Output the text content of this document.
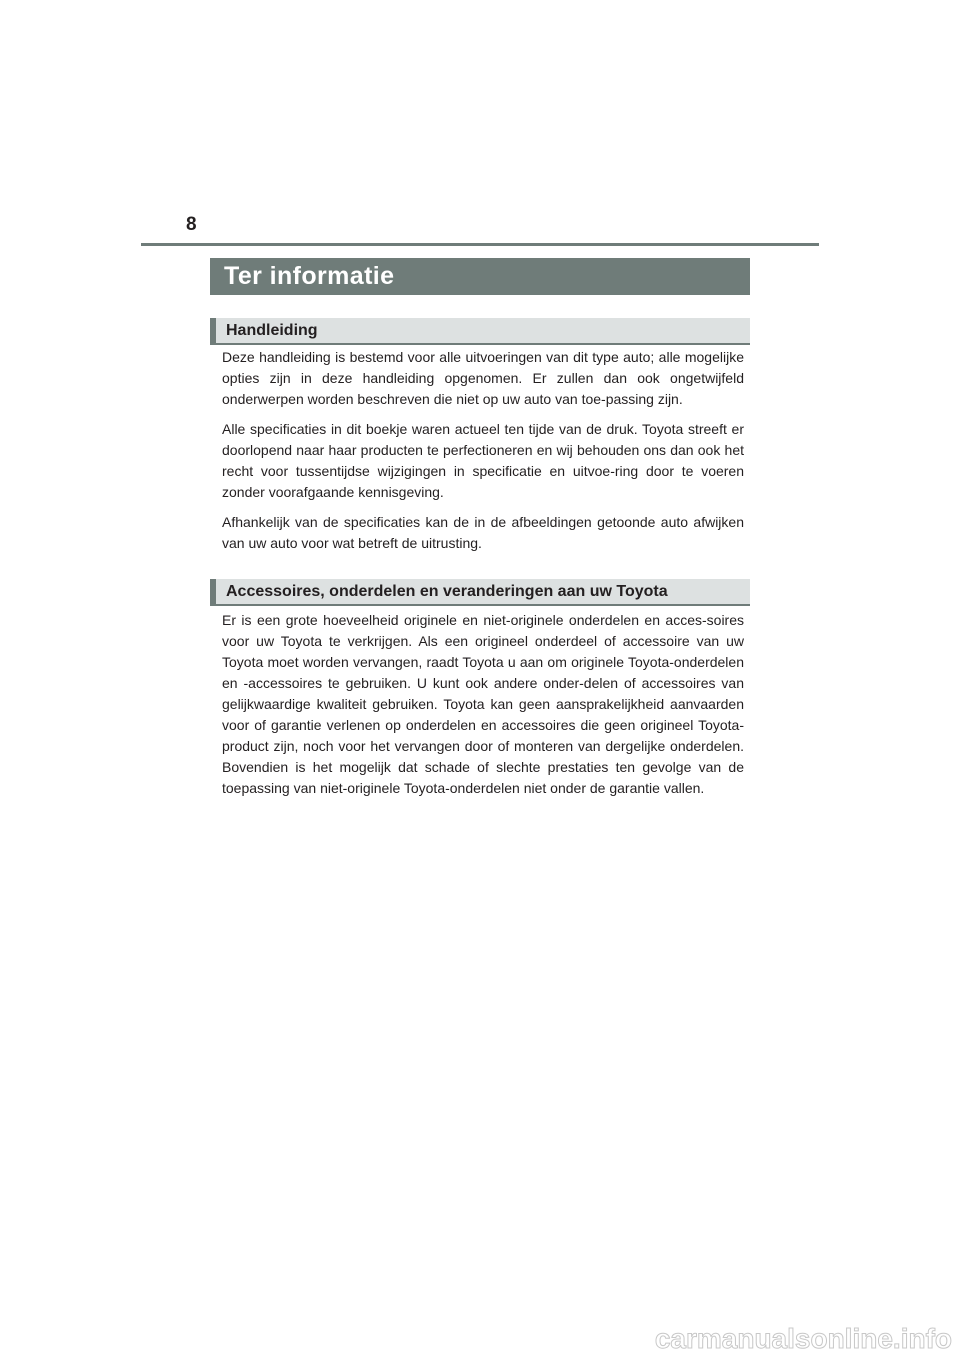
8
Ter informatie
Handleiding

Deze handleiding is bestemd voor alle uitvoeringen van dit type auto; alle mogelijke opties zijn in deze handleiding opgenomen. Er zullen dan ook ongetwijfeld onderwerpen worden beschreven die niet op uw auto van toe-passing zijn.

Alle specificaties in dit boekje waren actueel ten tijde van de druk. Toyota streeft er doorlopend naar haar producten te perfectioneren en wij behouden ons dan ook het recht voor tussentijdse wijzigingen in specificatie en uitvoe-ring door te voeren zonder voorafgaande kennisgeving.

Afhankelijk van de specificaties kan de in de afbeeldingen getoonde auto afwijken van uw auto voor wat betreft de uitrusting.

Accessoires, onderdelen en veranderingen aan uw Toyota

Er is een grote hoeveelheid originele en niet-originele onderdelen en acces-soires voor uw Toyota te verkrijgen. Als een origineel onderdeel of accessoire van uw Toyota moet worden vervangen, raadt Toyota u aan om originele Toyota-onderdelen en -accessoires te gebruiken. U kunt ook andere onder-delen of accessoires van gelijkwaardige kwaliteit gebruiken. Toyota kan geen aansprakelijkheid aanvaarden voor of garantie verlenen op onderdelen en accessoires die geen origineel Toyota-product zijn, noch voor het vervangen door of monteren van dergelijke onderdelen. Bovendien is het mogelijk dat schade of slechte prestaties ten gevolge van de toepassing van niet-originele Toyota-onderdelen niet onder de garantie vallen.

carmanualsonline.info
